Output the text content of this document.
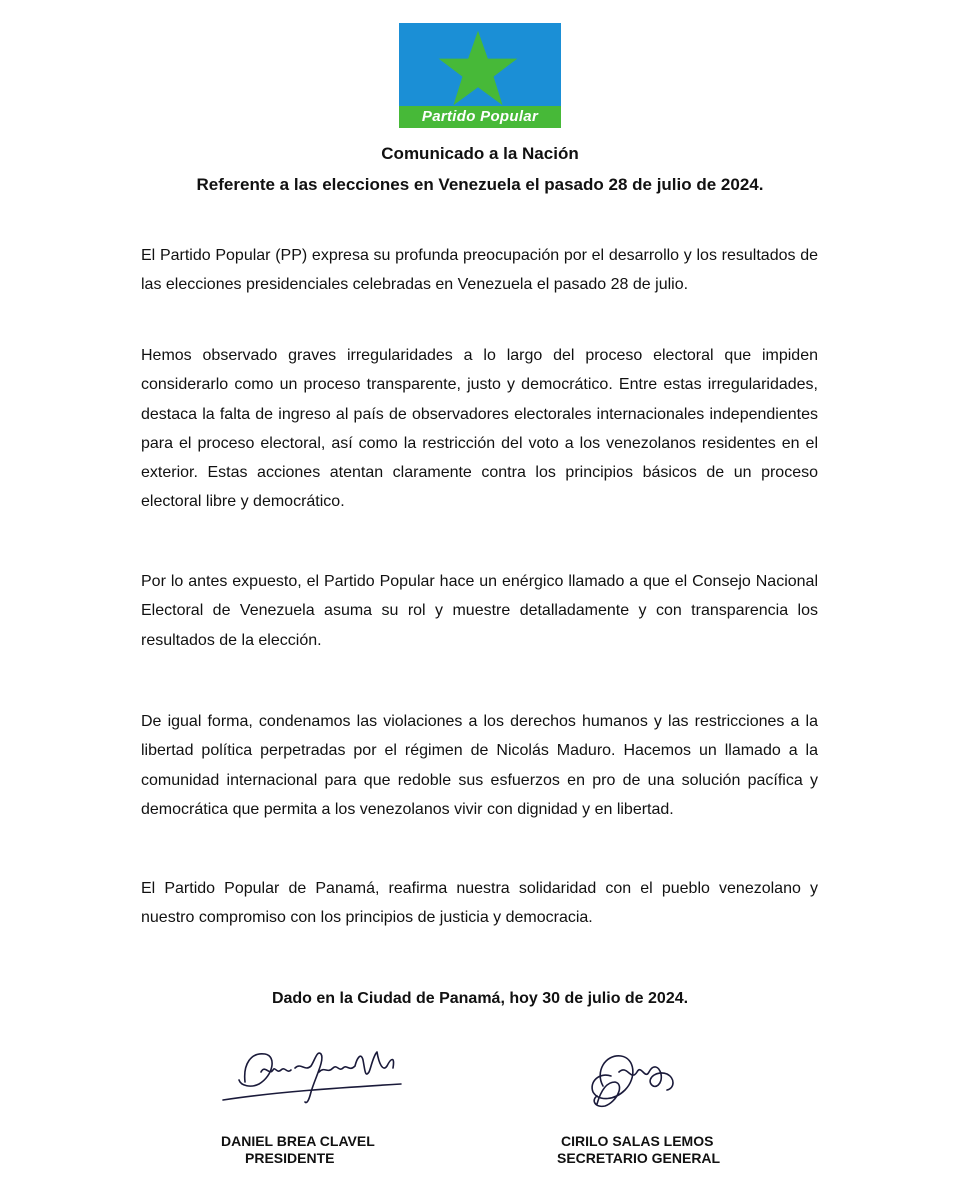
Partido Popular
Comunicado a la Nación
Referente a las elecciones en Venezuela el pasado 28 de julio de 2024.

El Partido Popular (PP) expresa su profunda preocupación por el desarrollo y los resultados de las elecciones presidenciales celebradas en Venezuela el pasado 28 de julio.

Hemos observado graves irregularidades a lo largo del proceso electoral que impiden considerarlo como un proceso transparente, justo y democrático. Entre estas irregularidades, destaca la falta de ingreso al país de observadores electorales internacionales independientes para el proceso electoral, así como la restricción del voto a los venezolanos residentes en el exterior. Estas acciones atentan claramente contra los principios básicos de un proceso electoral libre y democrático.

Por lo antes expuesto, el Partido Popular hace un enérgico llamado a que el Consejo Nacional Electoral de Venezuela asuma su rol y muestre detalladamente y con transparencia los resultados de la elección.

De igual forma, condenamos las violaciones a los derechos humanos y las restricciones a la libertad política perpetradas por el régimen de Nicolás Maduro. Hacemos un llamado a la comunidad internacional para que redoble sus esfuerzos en pro de una solución pacífica y democrática que permita a los venezolanos vivir con dignidad y en libertad.

El Partido Popular de Panamá, reafirma nuestra solidaridad con el pueblo venezolano y nuestro compromiso con los principios de justicia y democracia.

Dado en la Ciudad de Panamá, hoy 30 de julio de 2024.

DANIEL BREA CLAVEL

PRESIDENTE

CIRILO SALAS LEMOS

SECRETARIO GENERAL
